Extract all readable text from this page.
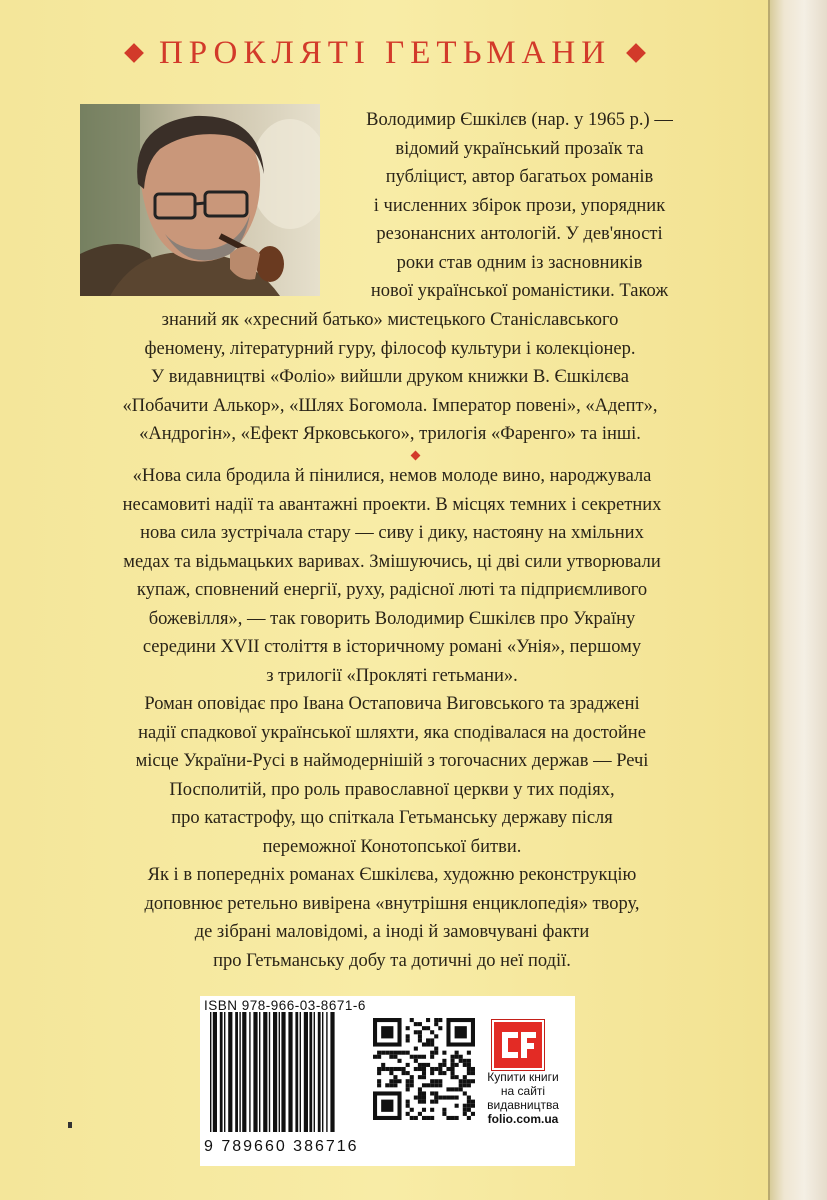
ПРОКЛЯТІ ГЕТЬМАНИ
Володимир Єшкілєв (нар. у 1965 р.) —
відомий український прозаїк та
публіцист, автор багатьох романів
і численних збірок прози, упорядник
резонансних антологій. У дев'яності
роки став одним із засновників
нової української романістики. Також
знаний як «хресний батько» мистецького Станіславського
феномену, літературний гуру, філософ культури і колекціонер.
У видавництві «Фоліо» вийшли друком книжки В. Єшкілєва
«Побачити Алькор», «Шлях Богомола. Імператор повені», «Адепт»,
«Андрогін», «Ефект Ярковського», трилогія «Фаренго» та інші.

«Нова сила бродила й пінилися, немов молоде вино, народжувала
несамовиті надії та авантажні проекти. В місцях темних і секретних
нова сила зустрічала стару — сиву і дику, настояну на хмільних
медах та відьмацьких варивах. Змішуючись, ці дві сили утворювали
купаж, сповнений енергії, руху, радісної люті та підприємливого
божевілля», — так говорить Володимир Єшкілєв про Україну
середини XVII століття в історичному романі «Унія», першому
з трилогії «Прокляті гетьмани».

Роман оповідає про Івана Остаповича Виговського та зраджені
надії спадкової української шляхти, яка сподівалася на достойне
місце України-Русі в наймодернішій з тогочасних держав — Речі
Посполитій, про роль православної церкви у тих подіях,
про катастрофу, що спіткала Гетьманську державу після
переможної Конотопської битви.

Як і в попередніх романах Єшкілєва, художню реконструкцію
доповнює ретельно вивірена «внутрішня енциклопедія» твору,
де зібрані маловідомі, а іноді й замовчувані факти
про Гетьманську добу та дотичні до неї події.

ISBN 978-966-03-8671-6
9 789660 386716
Купити книги
на сайті
видавництва
folio.com.ua
